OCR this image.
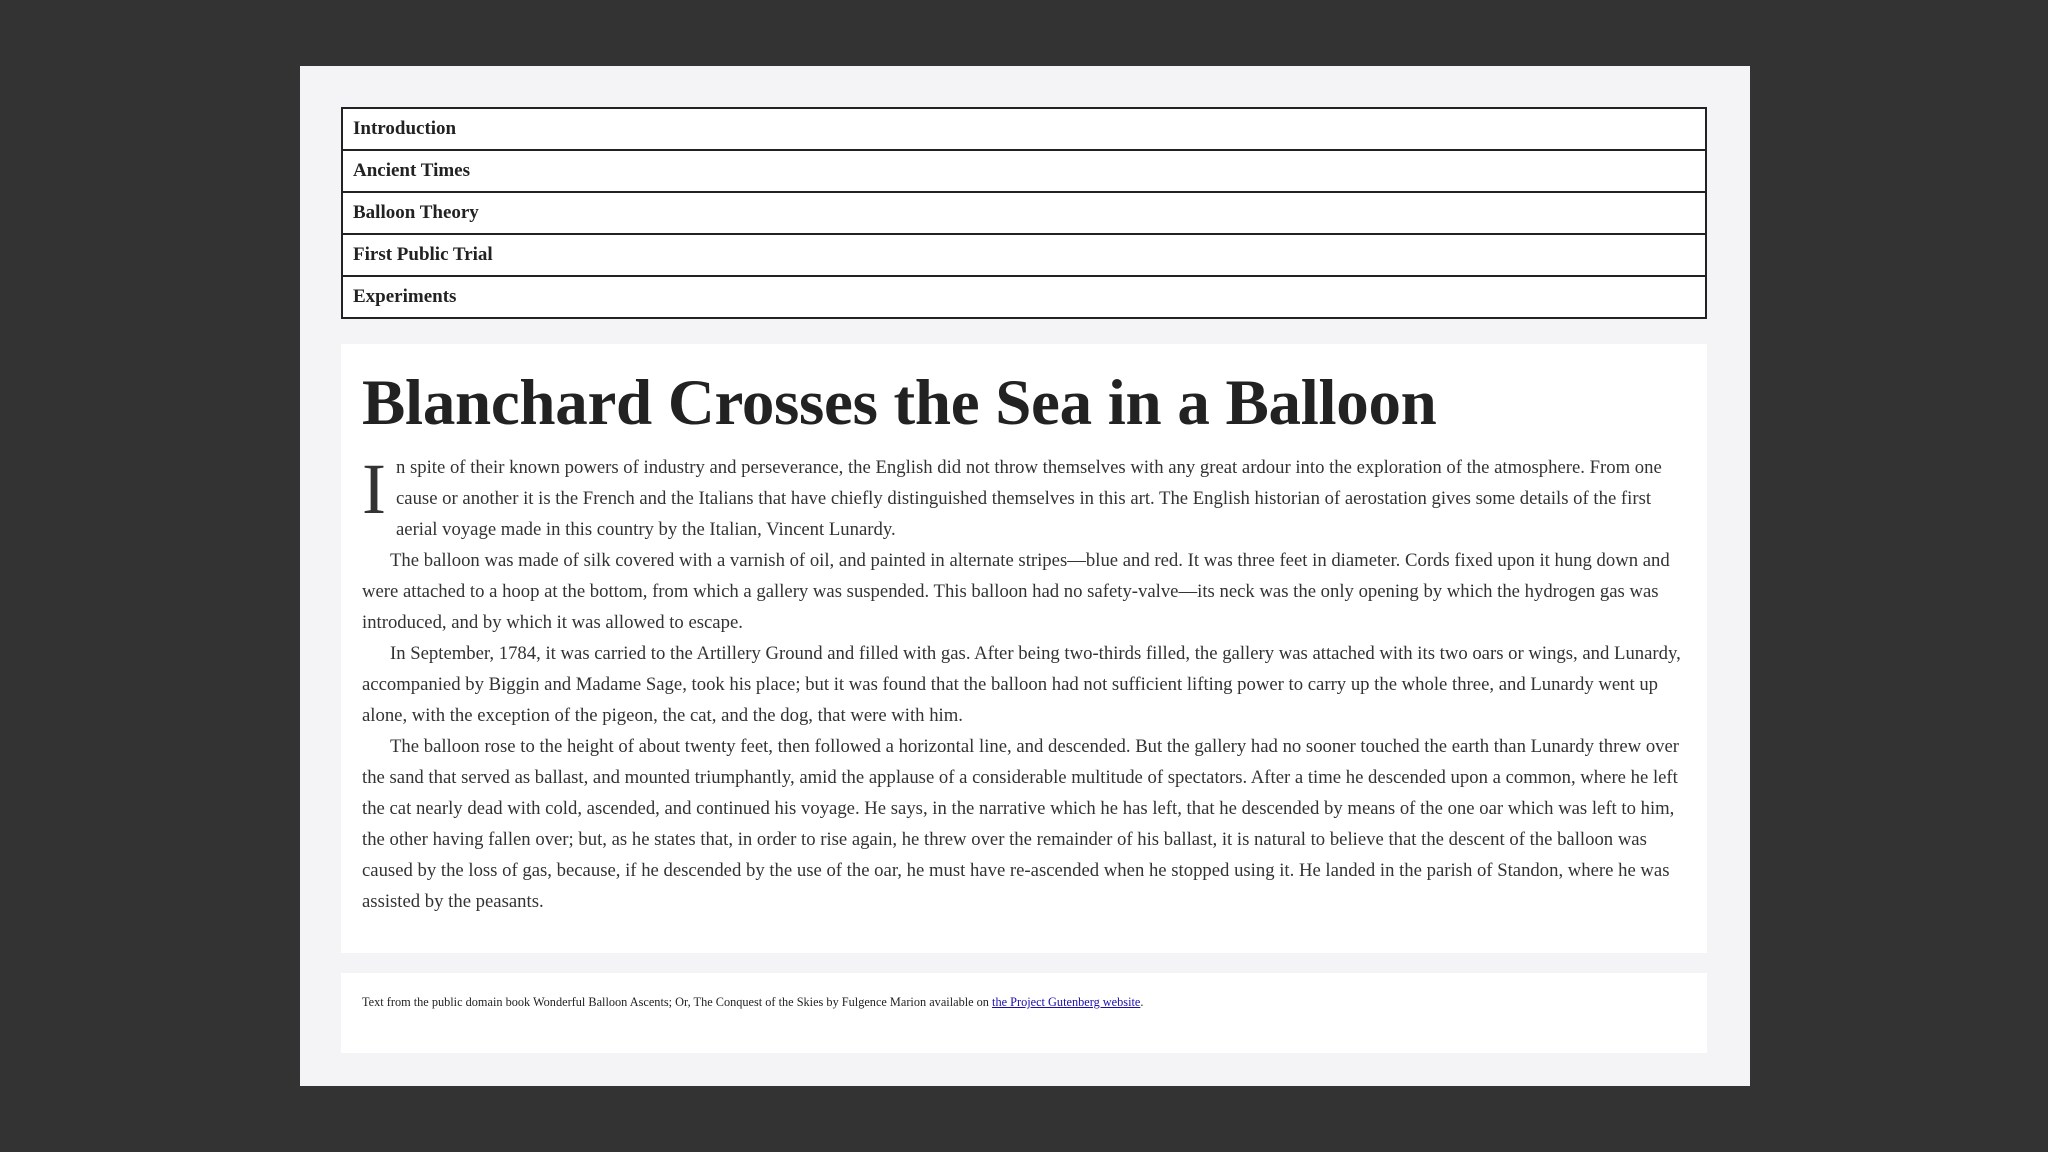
Introduction
Ancient Times
Balloon Theory
First Public Trial
Experiments
Blanchard Crosses the Sea in a Balloon

In spite of their known powers of industry and perseverance, the English did not throw themselves with any great ardour into the exploration of the atmosphere. From one cause or another it is the French and the Italians that have chiefly distinguished themselves in this art. The English historian of aerostation gives some details of the first aerial voyage made in this country by the Italian, Vincent Lunardy.

The balloon was made of silk covered with a varnish of oil, and painted in alternate stripes—blue and red. It was three feet in diameter. Cords fixed upon it hung down and were attached to a hoop at the bottom, from which a gallery was suspended. This balloon had no safety-valve—its neck was the only opening by which the hydrogen gas was introduced, and by which it was allowed to escape.

In September, 1784, it was carried to the Artillery Ground and filled with gas. After being two-thirds filled, the gallery was attached with its two oars or wings, and Lunardy, accompanied by Biggin and Madame Sage, took his place; but it was found that the balloon had not sufficient lifting power to carry up the whole three, and Lunardy went up alone, with the exception of the pigeon, the cat, and the dog, that were with him.

The balloon rose to the height of about twenty feet, then followed a horizontal line, and descended. But the gallery had no sooner touched the earth than Lunardy threw over the sand that served as ballast, and mounted triumphantly, amid the applause of a considerable multitude of spectators. After a time he descended upon a common, where he left the cat nearly dead with cold, ascended, and continued his voyage. He says, in the narrative which he has left, that he descended by means of the one oar which was left to him, the other having fallen over; but, as he states that, in order to rise again, he threw over the remainder of his ballast, it is natural to believe that the descent of the balloon was caused by the loss of gas, because, if he descended by the use of the oar, he must have re-ascended when he stopped using it. He landed in the parish of Standon, where he was assisted by the peasants.

Text from the public domain book Wonderful Balloon Ascents; Or, The Conquest of the Skies by Fulgence Marion available on the Project Gutenberg website.
